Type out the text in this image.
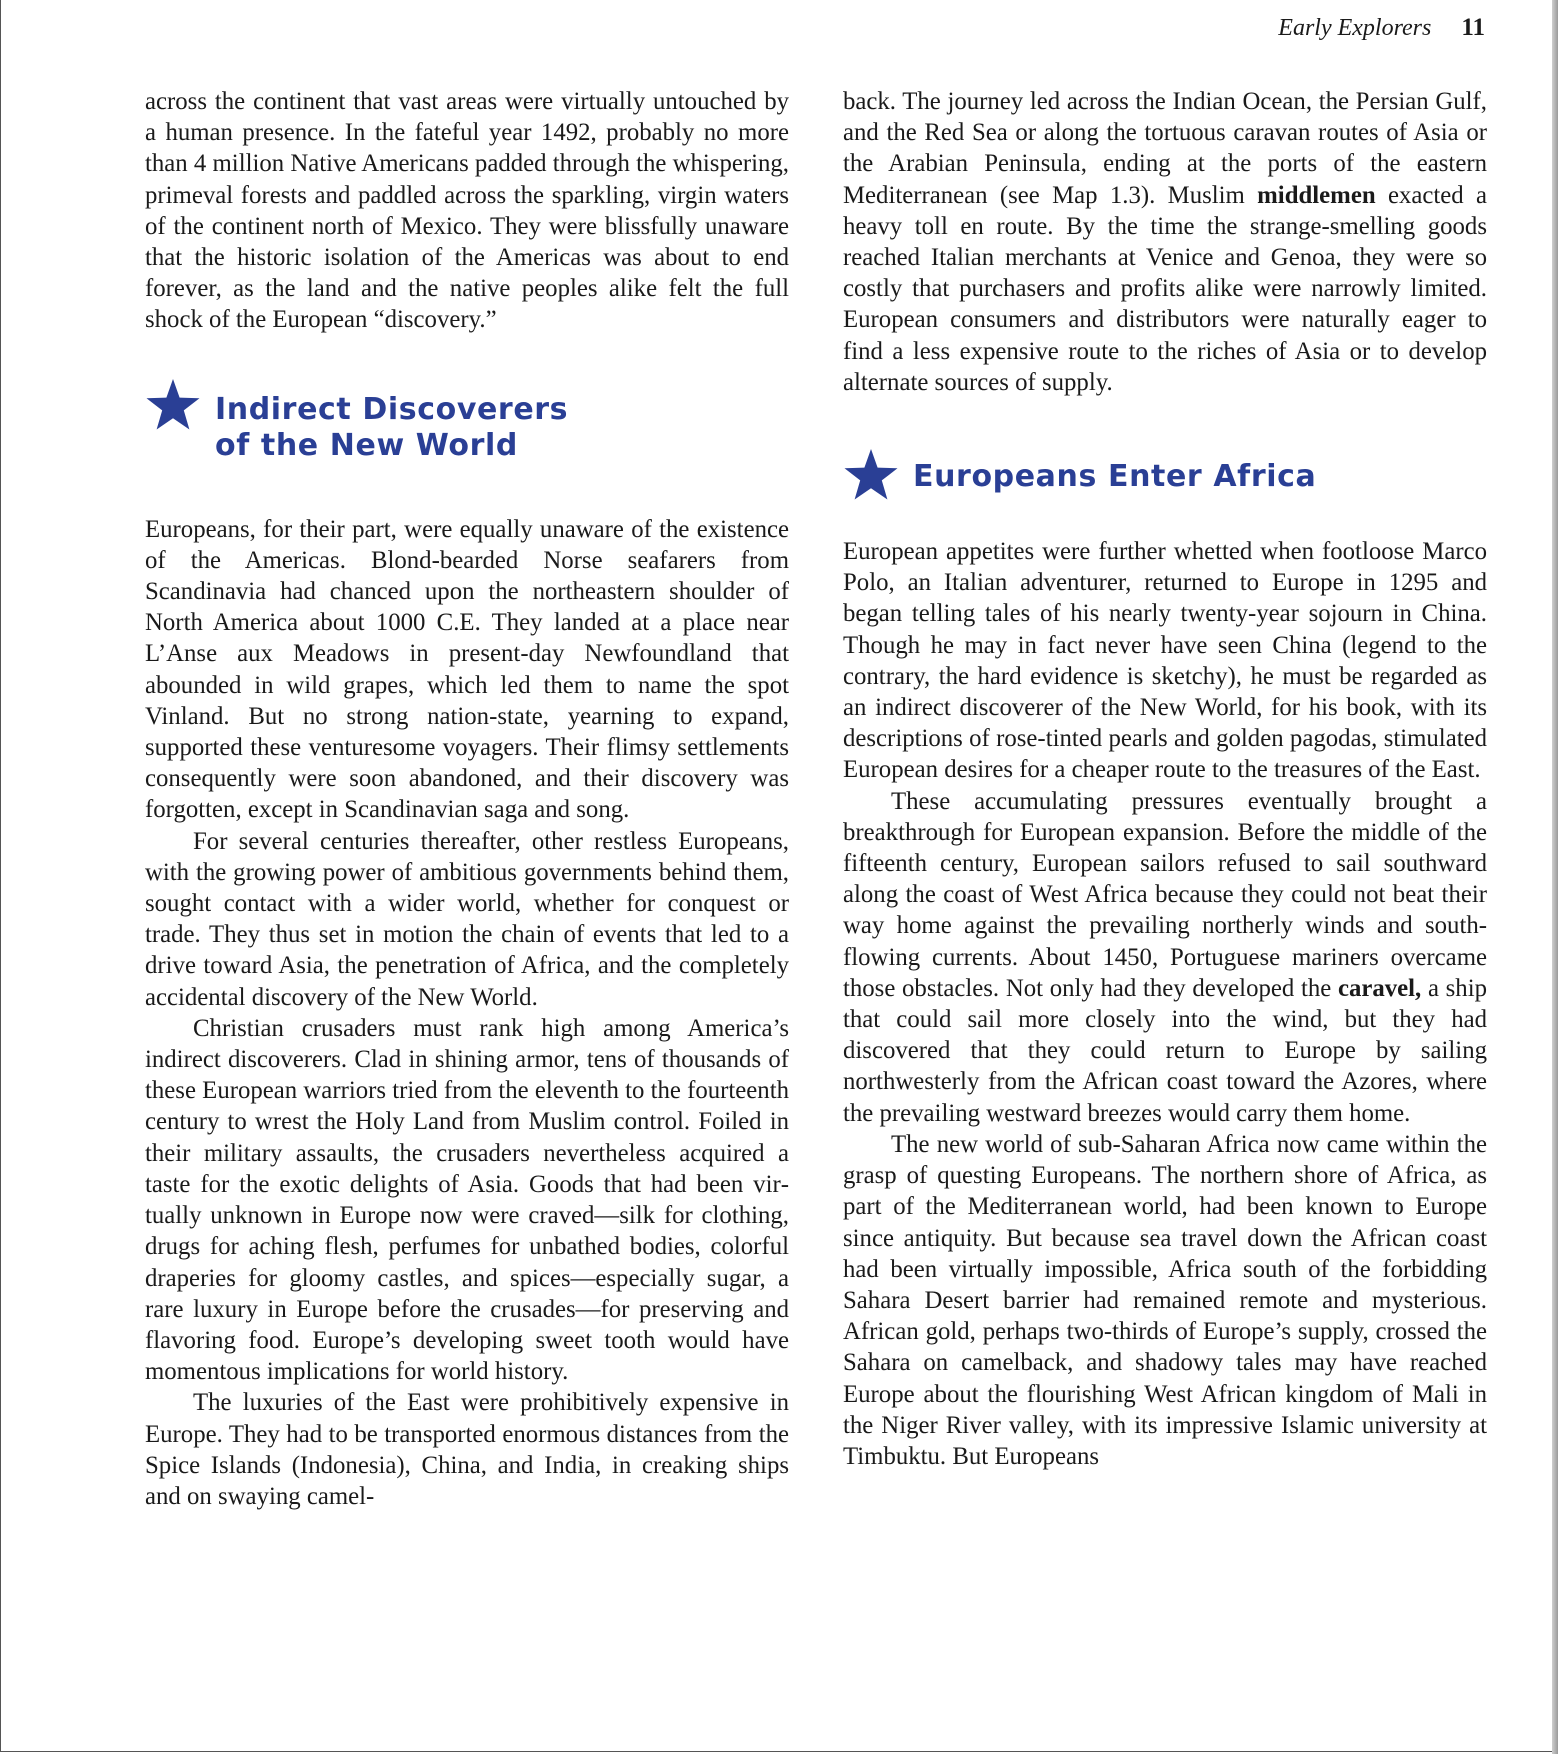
Early Explorers 11

across the continent that vast areas were virtually untouched by a human presence. In the fateful year 1492, probably no more than 4 million Native Americans padded through the whispering, primeval forests and paddled across the sparkling, virgin waters of the continent north of Mexico. They were blissfully unaware that the historic isolation of the Americas was about to end forever, as the land and the native peoples alike felt the full shock of the European “discovery.”

Indirect Discoverers
of the New World

Europeans, for their part, were equally unaware of the existence of the Americas. Blond-bearded Norse seafarers from Scandinavia had chanced upon the northeastern shoulder of North America about 1000 C.E. They landed at a place near L’Anse aux Meadows in present-day Newfoundland that abounded in wild grapes, which led them to name the spot Vinland. But no strong nation-state, yearning to expand, supported these venturesome voyagers. Their flimsy settlements consequently were soon abandoned, and their discovery was forgotten, except in Scandinavian saga and song.

For several centuries thereafter, other restless Europeans, with the growing power of ambitious governments behind them, sought contact with a wider world, whether for conquest or trade. They thus set in motion the chain of events that led to a drive toward Asia, the penetration of Africa, and the completely accidental discovery of the New World.

Christian crusaders must rank high among America’s indirect discoverers. Clad in shining armor, tens of thousands of these European warriors tried from the eleventh to the fourteenth century to wrest the Holy Land from Muslim control. Foiled in their military assaults, the crusaders nevertheless acquired a taste for the exotic delights of Asia. Goods that had been virtually unknown in Europe now were craved—silk for clothing, drugs for aching flesh, perfumes for unbathed bodies, colorful draperies for gloomy castles, and spices—especially sugar, a rare luxury in Europe before the crusades—for preserving and flavoring food. Europe’s developing sweet tooth would have momentous implications for world history.

The luxuries of the East were prohibitively expensive in Europe. They had to be transported enormous distances from the Spice Islands (Indonesia), China, and India, in creaking ships and on swaying camel-

back. The journey led across the Indian Ocean, the Persian Gulf, and the Red Sea or along the tortuous caravan routes of Asia or the Arabian Peninsula, ending at the ports of the eastern Mediterranean (see Map 1.3). Muslim middlemen exacted a heavy toll en route. By the time the strange-smelling goods reached Italian merchants at Venice and Genoa, they were so costly that purchasers and profits alike were narrowly limited. European consumers and distributors were naturally eager to find a less expensive route to the riches of Asia or to develop alternate sources of supply.

Europeans Enter Africa

European appetites were further whetted when footloose Marco Polo, an Italian adventurer, returned to Europe in 1295 and began telling tales of his nearly twenty-year sojourn in China. Though he may in fact never have seen China (legend to the contrary, the hard evidence is sketchy), he must be regarded as an indirect discoverer of the New World, for his book, with its descriptions of rose-tinted pearls and golden pagodas, stimulated European desires for a cheaper route to the treasures of the East.

These accumulating pressures eventually brought a breakthrough for European expansion. Before the middle of the fifteenth century, European sailors refused to sail southward along the coast of West Africa because they could not beat their way home against the prevailing northerly winds and south-flowing currents. About 1450, Portuguese mariners overcame those obstacles. Not only had they developed the caravel, a ship that could sail more closely into the wind, but they had discovered that they could return to Europe by sailing northwesterly from the African coast toward the Azores, where the prevailing westward breezes would carry them home.

The new world of sub-Saharan Africa now came within the grasp of questing Europeans. The northern shore of Africa, as part of the Mediterranean world, had been known to Europe since antiquity. But because sea travel down the African coast had been virtually impossible, Africa south of the forbidding Sahara Desert barrier had remained remote and mysterious. African gold, perhaps two-thirds of Europe’s supply, crossed the Sahara on camelback, and shadowy tales may have reached Europe about the flourishing West African kingdom of Mali in the Niger River valley, with its impressive Islamic university at Timbuktu. But Europeans
